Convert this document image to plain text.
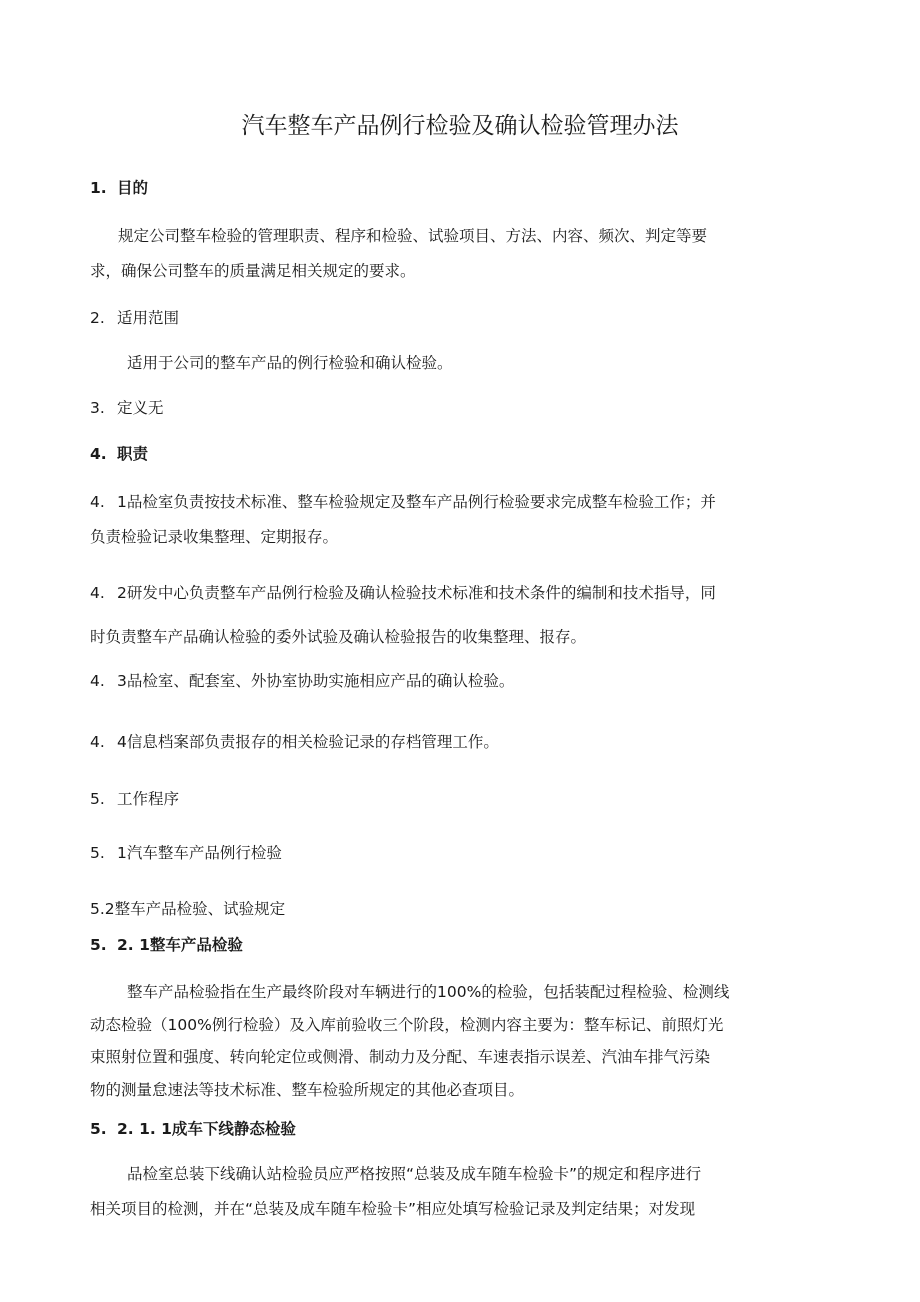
汽车整车产品例行检验及确认检验管理办法
1. 目的
规定公司整车检验的管理职责、程序和检验、试验项目、方法、内容、频次、判定等要
求，确保公司整车的质量满足相关规定的要求。
2. 适用范围
适用于公司的整车产品的例行检验和确认检验。
3. 定义无
4. 职责
4. 1品检室负责按技术标准、整车检验规定及整车产品例行检验要求完成整车检验工作；并
负责检验记录收集整理、定期报存。
4. 2研发中心负责整车产品例行检验及确认检验技术标准和技术条件的编制和技术指导，同
时负责整车产品确认检验的委外试验及确认检验报告的收集整理、报存。
4. 3品检室、配套室、外协室协助实施相应产品的确认检验。
4. 4信息档案部负责报存的相关检验记录的存档管理工作。
5. 工作程序
5. 1汽车整车产品例行检验
5.2整车产品检验、试验规定
5. 2. 1整车产品检验
整车产品检验指在生产最终阶段对车辆进行的100%的检验，包括装配过程检验、检测线
动态检验（100%例行检验）及入库前验收三个阶段，检测内容主要为：整车标记、前照灯光
束照射位置和强度、转向轮定位或侧滑、制动力及分配、车速表指示误差、汽油车排气污染
物的测量怠速法等技术标准、整车检验所规定的其他必查项目。
5. 2. 1. 1成车下线静态检验
品检室总装下线确认站检验员应严格按照“总装及成车随车检验卡”的规定和程序进行
相关项目的检测，并在“总装及成车随车检验卡”相应处填写检验记录及判定结果；对发现
